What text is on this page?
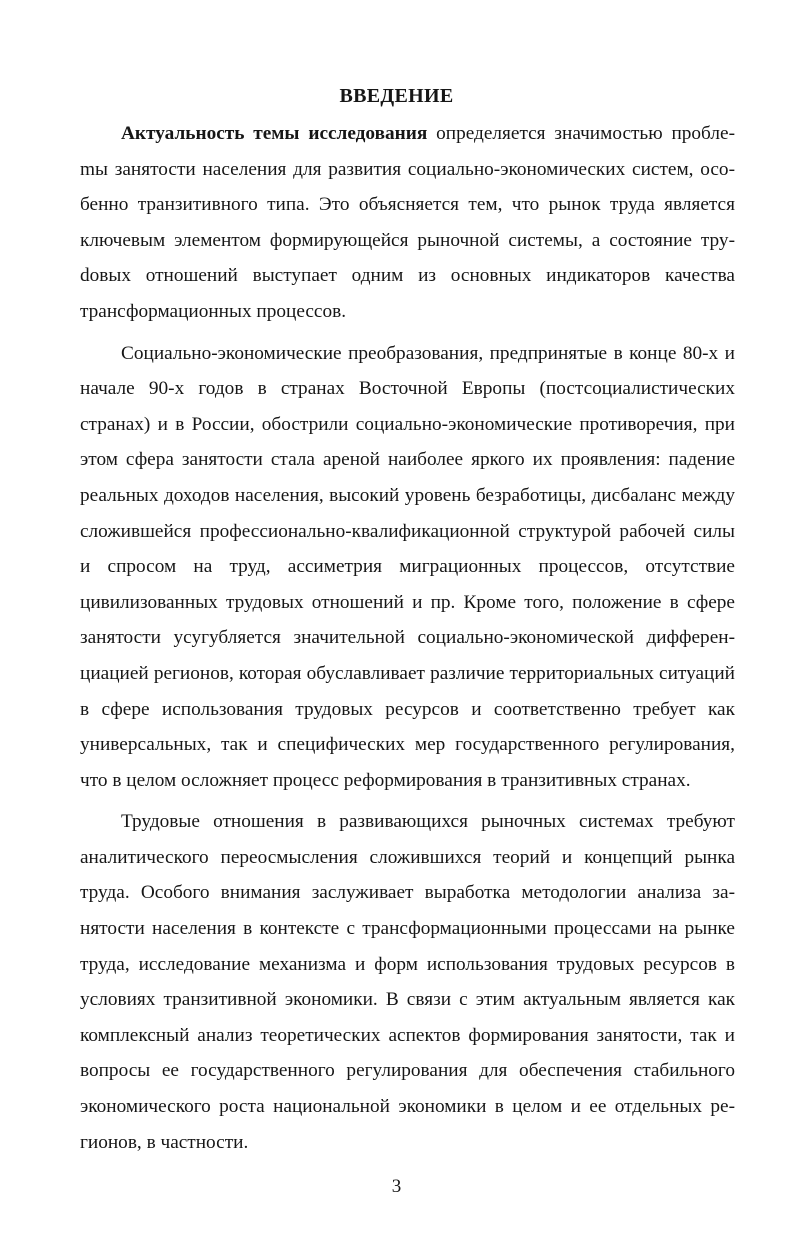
ВВЕДЕНИЕ

Актуальность темы исследования определяется значимостью проблеmы занятости населения для развития социально-экономических систем, особенно транзитивного типа. Это объясняется тем, что рынок труда является ключевым элементом формирующейся рыночной системы, а состояние труdовых отношений выступает одним из основных индикаторов качества трансформационных процессов.

Социально-экономические преобразования, предпринятые в конце 80-х и начале 90-х годов в странах Восточной Европы (постсоциалистических странах) и в России, обострили социально-экономические противоречия, при этом сфера занятости стала ареной наиболее яркого их проявления: падение реальных доходов населения, высокий уровень безработицы, дисбаланс между сложившейся профессионально-квалификационной структурой рабочей силы и спросом на труд, ассиметрия миграционных процессов, отсутствие цивилизованных трудовых отношений и пр. Кроме того, положение в сфере занятости усугубляется значительной социально-экономической дифференциацией регионов, которая обуславливает различие территориальных ситуаций в сфере использования трудовых ресурсов и соответственно требует как универсальных, так и специфических мер государственного регулирования, что в целом осложняет процесс реформирования в транзитивных странах.

Трудовые отношения в развивающихся рыночных системах требуют аналитического переосмысления сложившихся теорий и концепций рынка труда. Особого внимания заслуживает выработка методологии анализа занятости населения в контексте с трансформационными процессами на рынке труда, исследование механизма и форм использования трудовых ресурсов в условиях транзитивной экономики. В связи с этим актуальным является как комплексный анализ теоретических аспектов формирования занятости, так и вопросы ее государственного регулирования для обеспечения стабильного экономического роста национальной экономики в целом и ее отдельных регионов, в частности.

3
